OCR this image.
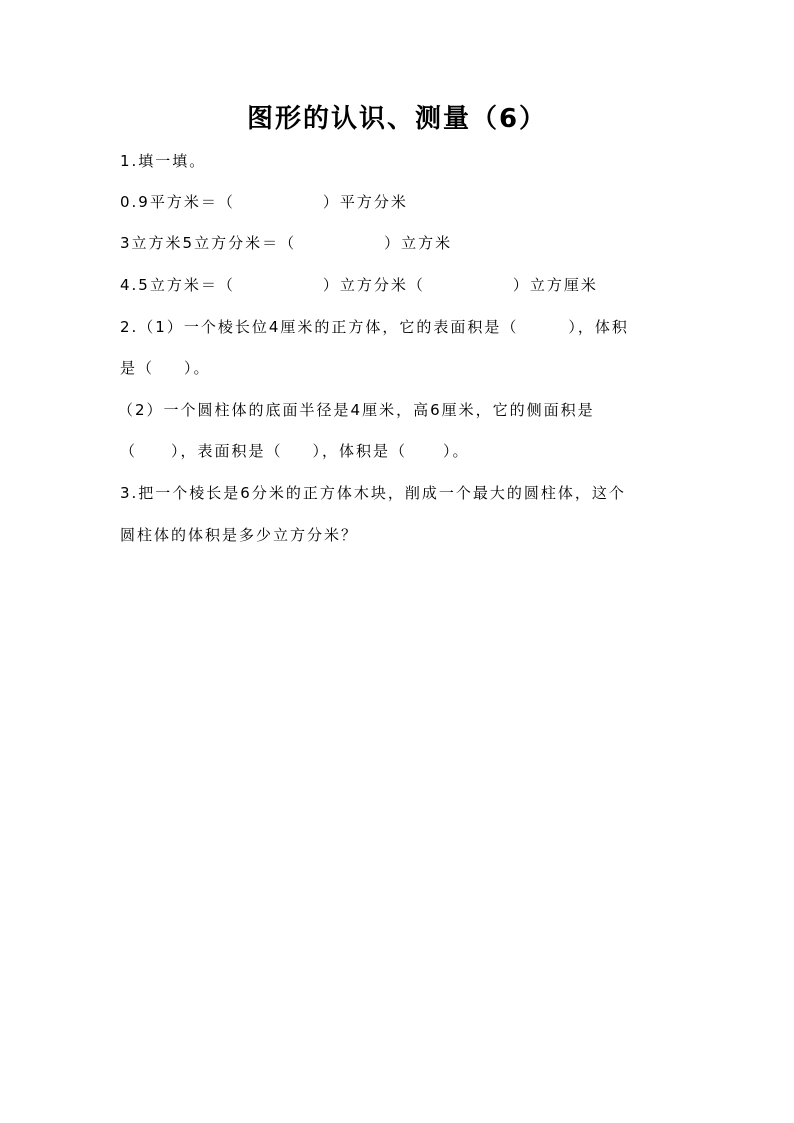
图形的认识、测量（6）
1.填一填。
0.9平方米＝（	）平方分米
3立方米5立方分米＝（	）立方米
4.5立方米＝（	）立方分米（	）立方厘米
2.（1）一个棱长位4厘米的正方体，它的表面积是（	），体积
是（ ）。
（2）一个圆柱体的底面半径是4厘米，高6厘米，它的侧面积是
（ ），表面积是（ ），体积是（ ）。
3.把一个棱长是6分米的正方体木块，削成一个最大的圆柱体，这个
圆柱体的体积是多少立方分米？
